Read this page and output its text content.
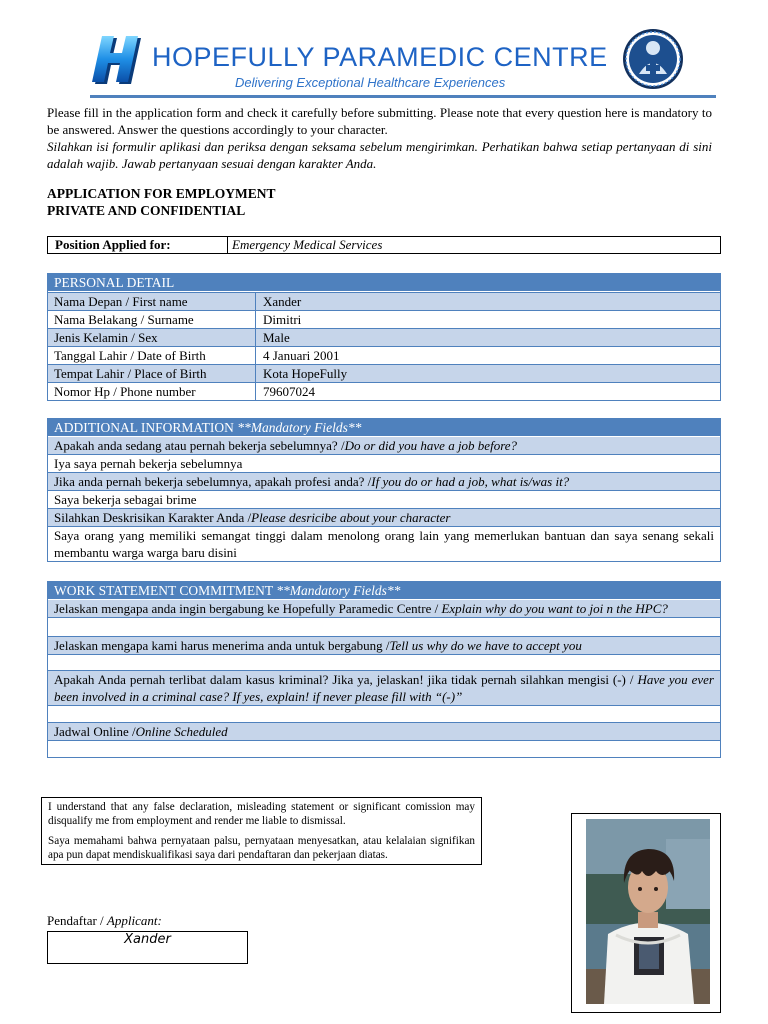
HOPEFULLY PARAMEDIC CENTRE
Delivering Exceptional Healthcare Experiences

Please fill in the application form and check it carefully before submitting. Please note that every question here is mandatory to be answered. Answer the questions accordingly to your character.

Silahkan isi formulir aplikasi dan periksa dengan seksama sebelum mengirimkan. Perhatikan bahwa setiap pertanyaan di sini adalah wajib. Jawab pertanyaan sesuai dengan karakter Anda.

APPLICATION FOR EMPLOYMENT
PRIVATE AND CONFIDENTIAL
Position Applied for:	Emergency Medical Services
PERSONAL DETAIL
Nama Depan / First name	Xander
Nama Belakang / Surname	Dimitri
Jenis Kelamin / Sex	Male
Tanggal Lahir / Date of Birth	4 Januari 2001
Tempat Lahir / Place of Birth	Kota HopeFully
Nomor Hp / Phone number	79607024
ADDITIONAL INFORMATION **Mandatory Fields**
Apakah anda sedang atau pernah bekerja sebelumnya? / Do or did you have a job before?
Iya saya pernah bekerja sebelumnya
Jika anda pernah bekerja sebelumnya, apakah profesi anda? / If you do or had a job, what is/was it?
Saya bekerja sebagai brime
Silahkan Deskrisikan Karakter Anda / Please desricibe about your character
Saya orang yang memiliki semangat tinggi dalam menolong orang lain yang memerlukan bantuan dan saya senang sekali membantu warga warga baru disini
WORK STATEMENT COMMITMENT **Mandatory Fields**
Jelaskan mengapa anda ingin bergabung ke Hopefully Paramedic Centre / Explain why do you want to joi n the HPC?
Jelaskan mengapa kami harus menerima anda untuk bergabung / Tell us why do we have to accept you
Apakah Anda pernah terlibat dalam kasus kriminal? Jika ya, jelaskan! jika tidak pernah silahkan mengisi (-) / Have you ever been involved in a criminal case? If yes, explain! if never please fill with “(-)”
Jadwal Online / Online Scheduled

I understand that any false declaration, misleading statement or significant comission may disqualify me from employment and render me liable to dismissal.

Saya memahami bahwa pernyataan palsu, pernyataan menyesatkan, atau kelalaian signifikan apa pun dapat mendiskualifikasi saya dari pendaftaran dan pekerjaan diatas.

Pendaftar / Applicant:
Xander
